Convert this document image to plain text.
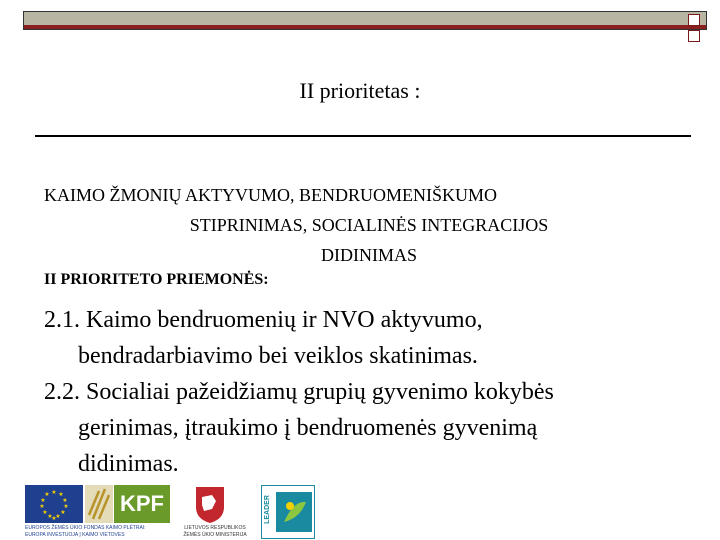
II prioritetas :
KAIMO ŽMONIŲ AKTYVUMO, BENDRUOMENIŠKUMO
STIPRINIMAS, SOCIALINĖS INTEGRACIJOS
DIDINIMAS
II PRIORITETO PRIEMONĖS:
2.1. Kaimo bendruomenių ir NVO aktyvumo,
bendradarbiavimo bei veiklos skatinimas.
2.2. Socialiai pažeidžiamų grupių gyvenimo kokybės
gerinimas, įtraukimo į bendruomenės gyvenimą
didinimas.
★ ★
★
★
★
★
★
★
★
★
★
★
KPF
EUROPOS ŽEMĖS ŪKIO FONDAS KAIMO PLĖTRAI:
EUROPA INVESTUOJA Į KAIMO VIETOVES
LIETUVOS RESPUBLIKOS
ŽEMĖS ŪKIO MINISTERIJA
LEADER
